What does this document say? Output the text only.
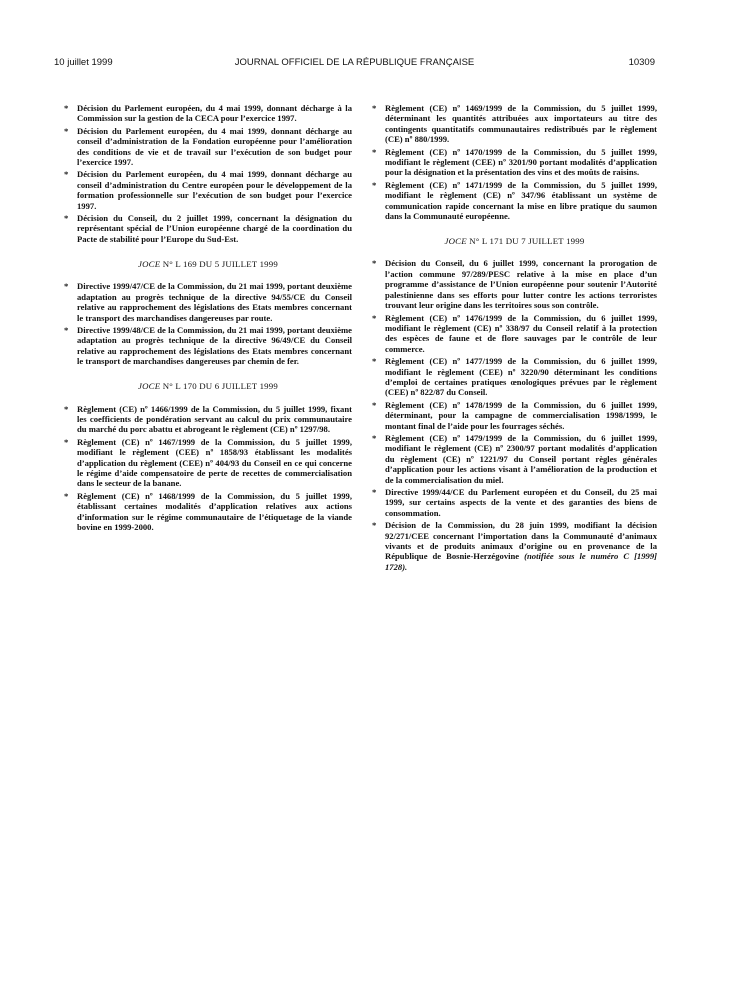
10 juillet 1999	JOURNAL OFFICIEL DE LA RÉPUBLIQUE FRANÇAISE	10309
* Décision du Parlement européen, du 4 mai 1999, donnant décharge à la Commission sur la gestion de la CECA pour l’exercice 1997.
* Décision du Parlement européen, du 4 mai 1999, donnant décharge au conseil d’administration de la Fondation européenne pour l’amélioration des conditions de vie et de travail sur l’exécution de son budget pour l’exercice 1997.
* Décision du Parlement européen, du 4 mai 1999, donnant décharge au conseil d’administration du Centre européen pour le développement de la formation professionnelle sur l’exécution de son budget pour l’exercice 1997.
* Décision du Conseil, du 2 juillet 1999, concernant la désignation du représentant spécial de l’Union européenne chargé de la coordination du Pacte de stabilité pour l’Europe du Sud-Est.
JOCE N° L 169 DU 5 JUILLET 1999
* Directive 1999/47/CE de la Commission, du 21 mai 1999, portant deuxième adaptation au progrès technique de la directive 94/55/CE du Conseil relative au rapprochement des législations des Etats membres concernant le transport des marchandises dangereuses par route.
* Directive 1999/48/CE de la Commission, du 21 mai 1999, portant deuxième adaptation au progrès technique de la directive 96/49/CE du Conseil relative au rapprochement des législations des Etats membres concernant le transport de marchandises dangereuses par chemin de fer.
JOCE N° L 170 DU 6 JUILLET 1999
* Règlement (CE) nº 1466/1999 de la Commission, du 5 juillet 1999, fixant les coefficients de pondération servant au calcul du prix communautaire du marché du porc abattu et abrogeant le règlement (CE) nº 1297/98.
* Règlement (CE) nº 1467/1999 de la Commission, du 5 juillet 1999, modifiant le règlement (CEE) nº 1858/93 établissant les modalités d’application du règlement (CEE) nº 404/93 du Conseil en ce qui concerne le régime d’aide compensatoire de perte de recettes de commercialisation dans le secteur de la banane.
* Règlement (CE) nº 1468/1999 de la Commission, du 5 juillet 1999, établissant certaines modalités d’application relatives aux actions d’information sur le régime communautaire de l’étiquetage de la viande bovine en 1999-2000.
* Règlement (CE) nº 1469/1999 de la Commission, du 5 juillet 1999, déterminant les quantités attribuées aux importateurs au titre des contingents quantitatifs communautaires redistribués par le règlement (CE) nº 880/1999.
* Règlement (CE) nº 1470/1999 de la Commission, du 5 juillet 1999, modifiant le règlement (CEE) nº 3201/90 portant modalités d’application pour la désignation et la présentation des vins et des moûts de raisins.
* Règlement (CE) nº 1471/1999 de la Commission, du 5 juillet 1999, modifiant le règlement (CE) nº 347/96 établissant un système de communication rapide concernant la mise en libre pratique du saumon dans la Communauté européenne.
JOCE N° L 171 DU 7 JUILLET 1999
* Décision du Conseil, du 6 juillet 1999, concernant la prorogation de l’action commune 97/289/PESC relative à la mise en place d’un programme d’assistance de l’Union européenne pour soutenir l’Autorité palestinienne dans ses efforts pour lutter contre les actions terroristes trouvant leur origine dans les territoires sous son contrôle.
* Règlement (CE) nº 1476/1999 de la Commission, du 6 juillet 1999, modifiant le règlement (CE) nº 338/97 du Conseil relatif à la protection des espèces de faune et de flore sauvages par le contrôle de leur commerce.
* Règlement (CE) nº 1477/1999 de la Commission, du 6 juillet 1999, modifiant le règlement (CEE) nº 3220/90 déterminant les conditions d’emploi de certaines pratiques œnologiques prévues par le règlement (CEE) nº 822/87 du Conseil.
* Règlement (CE) nº 1478/1999 de la Commission, du 6 juillet 1999, déterminant, pour la campagne de commercialisation 1998/1999, le montant final de l’aide pour les fourrages séchés.
* Règlement (CE) nº 1479/1999 de la Commission, du 6 juillet 1999, modifiant le règlement (CE) nº 2300/97 portant modalités d’application du règlement (CE) nº 1221/97 du Conseil portant règles générales d’application pour les actions visant à l’amélioration de la production et de la commercialisation du miel.
* Directive 1999/44/CE du Parlement européen et du Conseil, du 25 mai 1999, sur certains aspects de la vente et des garanties des biens de consommation.
* Décision de la Commission, du 28 juin 1999, modifiant la décision 92/271/CEE concernant l’importation dans la Communauté d’animaux vivants et de produits animaux d’origine ou en provenance de la République de Bosnie-Herzégovine (notifiée sous le numéro C [1999] 1728).
